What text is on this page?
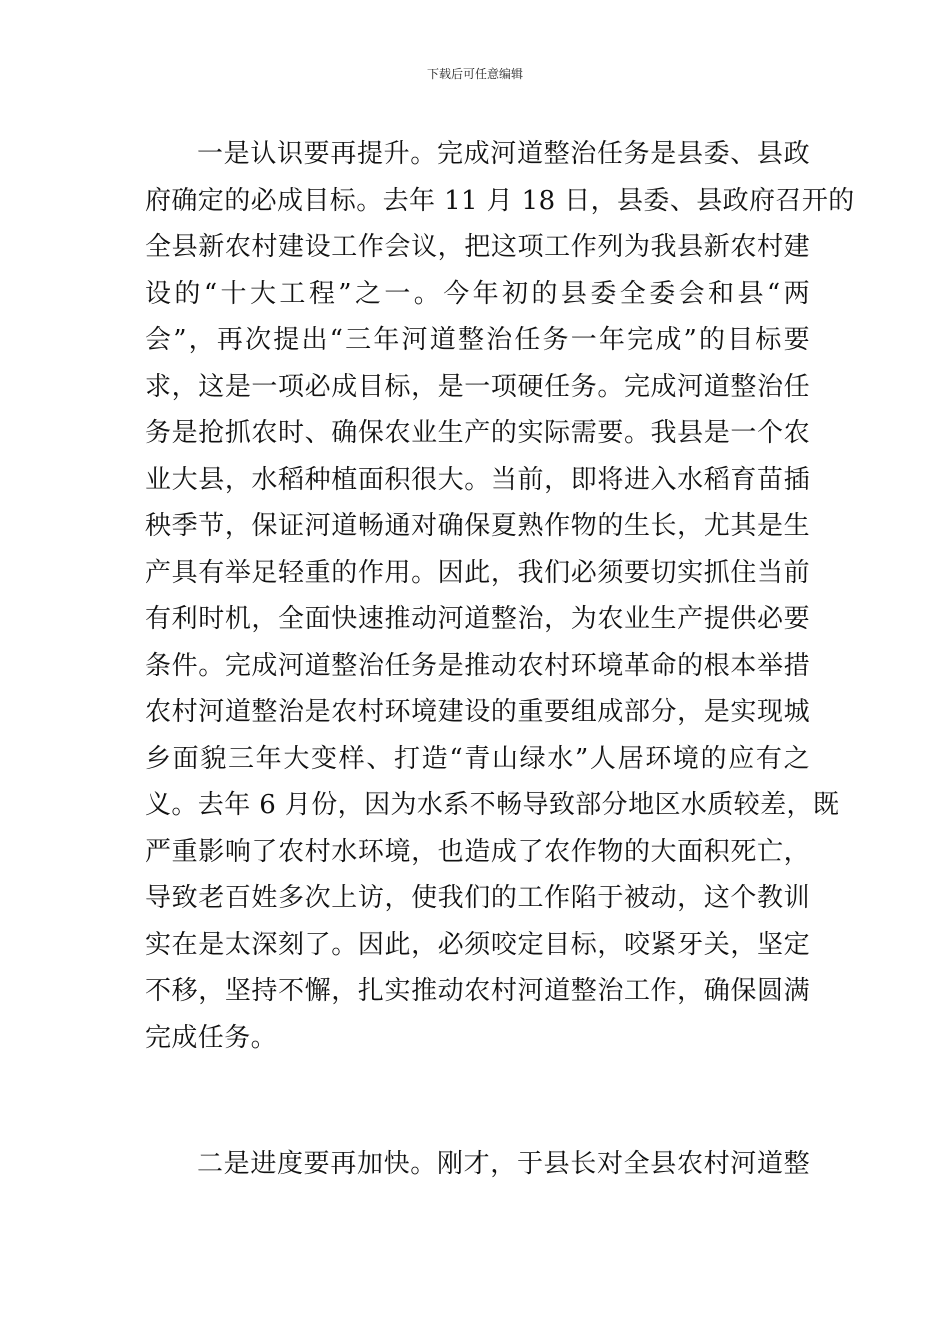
下载后可任意编辑
一是认识要再提升。完成河道整治任务是县委、县政
府确定的必成目标。去年 11 月 18 日，县委、县政府召开的
全县新农村建设工作会议，把这项工作列为我县新农村建
设的“十大工程”之一。今年初的县委全委会和县“两
会”，再次提出“三年河道整治任务一年完成”的目标要
求，这是一项必成目标，是一项硬任务。完成河道整治任
务是抢抓农时、确保农业生产的实际需要。我县是一个农
业大县，水稻种植面积很大。当前，即将进入水稻育苗插
秧季节，保证河道畅通对确保夏熟作物的生长，尤其是生
产具有举足轻重的作用。因此，我们必须要切实抓住当前
有利时机，全面快速推动河道整治，为农业生产提供必要
条件。完成河道整治任务是推动农村环境革命的根本举措
农村河道整治是农村环境建设的重要组成部分，是实现城
乡面貌三年大变样、打造“青山绿水”人居环境的应有之
义。去年 6 月份，因为水系不畅导致部分地区水质较差，既
严重影响了农村水环境，也造成了农作物的大面积死亡，
导致老百姓多次上访，使我们的工作陷于被动，这个教训
实在是太深刻了。因此，必须咬定目标，咬紧牙关，坚定
不移，坚持不懈，扎实推动农村河道整治工作，确保圆满
完成任务。
二是进度要再加快。刚才，于县长对全县农村河道整
